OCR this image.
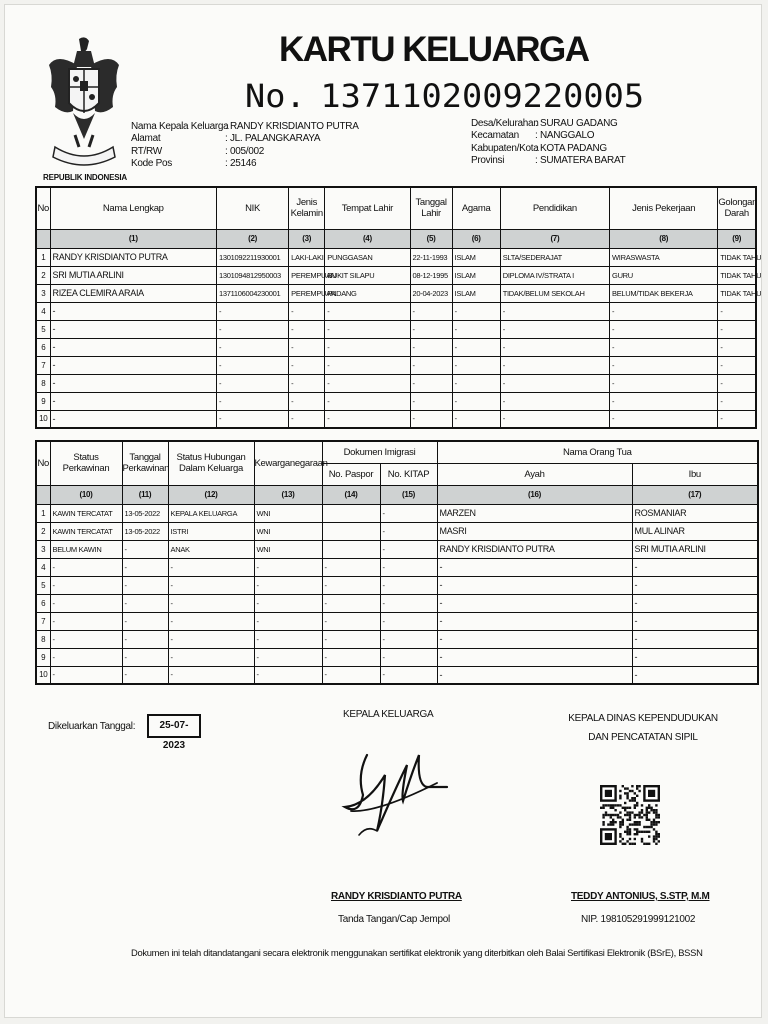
REPUBLIK INDONESIA
KARTU KELUARGA
No. 1371102009220005
Nama Kepala Keluarga
: RANDY KRISDIANTO PUTRA
Alamat	: JL. PALANGKARAYA
RT/RW	: 005/002
Kode Pos	: 25146
Desa/Kelurahan
: SURAU GADANG
Kecamatan	: NANGGALO
Kabupaten/Kota
: KOTA PADANG
Provinsi	: SUMATERA BARAT
No	Nama Lengkap	NIK	Jenis
Kelamin	Tempat Lahir	Tanggal
Lahir	Agama	Pendidikan	Jenis Pekerjaan	Golongan
Darah
	(1)	(2)	(3)	(4)	(5)	(6)	(7)	(8)	(9)
1	RANDY KRISDIANTO PUTRA	1301092211930001	LAKI-LAKI	PUNGGASAN	22-11-1993	ISLAM	SLTA/SEDERAJAT	WIRASWASTA	TIDAK TAHU
2	SRI MUTIA ARLINI	1301094812950003	PEREMPUAN	BUKIT SILAPU	08-12-1995	ISLAM	DIPLOMA IV/STRATA I	GURU	TIDAK TAHU
3	RIZEA CLEMIRA ARAIA	1371106004230001	PEREMPUAN	PADANG	20-04-2023	ISLAM	TIDAK/BELUM SEKOLAH	BELUM/TIDAK BEKERJA	TIDAK TAHU
4	-	-	-	-	-	-	-	-	-
5	-	-	-	-	-	-	-	-	-
6	-	-	-	-	-	-	-	-	-
7	-	-	-	-	-	-	-	-	-
8	-	-	-	-	-	-	-	-	-
9	-	-	-	-	-	-	-	-	-
10	-	-	-	-	-	-	-	-	-
No	Status
Perkawinan	Tanggal
Perkawinan	Status Hubungan
Dalam Keluarga	Kewarganegaraan	Dokumen Imigrasi		Nama Orang Tua	
					No. Paspor	No. KITAP	Ayah	Ibu
	(10)	(11)	(12)	(13)	(14)	(15)	(16)	(17)
1	KAWIN TERCATAT	13-05-2022	KEPALA KELUARGA	WNI		-	MARZEN	ROSMANIAR
2	KAWIN TERCATAT	13-05-2022	ISTRI	WNI		-	MASRI	MUL ALINAR
3	BELUM KAWIN	-	ANAK	WNI		-	RANDY KRISDIANTO PUTRA	SRI MUTIA ARLINI
4	-	-	-	-	-	-	-	-
5	-	-	-	-	-	-	-	-
6	-	-	-	-	-	-	-	-
7	-	-	-	-	-	-	-	-
8	-	-	-	-	-	-	-	-
9	-	-	-	-	-	-	-	-
10	-	-	-	-	-	-	-	-
Dikeluarkan Tanggal:	25-07-2023
KEPALA KELUARGA
RANDY KRISDIANTO PUTRA
Tanda Tangan/Cap Jempol
KEPALA DINAS KEPENDUDUKAN
DAN PENCATATAN SIPIL
TEDDY ANTONIUS, S.STP, M.M
NIP. 198105291999121002
Dokumen ini telah ditandatangani secara elektronik menggunakan sertifikat elektronik yang diterbitkan oleh Balai Sertifikasi Elektronik (BSrE), BSSN
